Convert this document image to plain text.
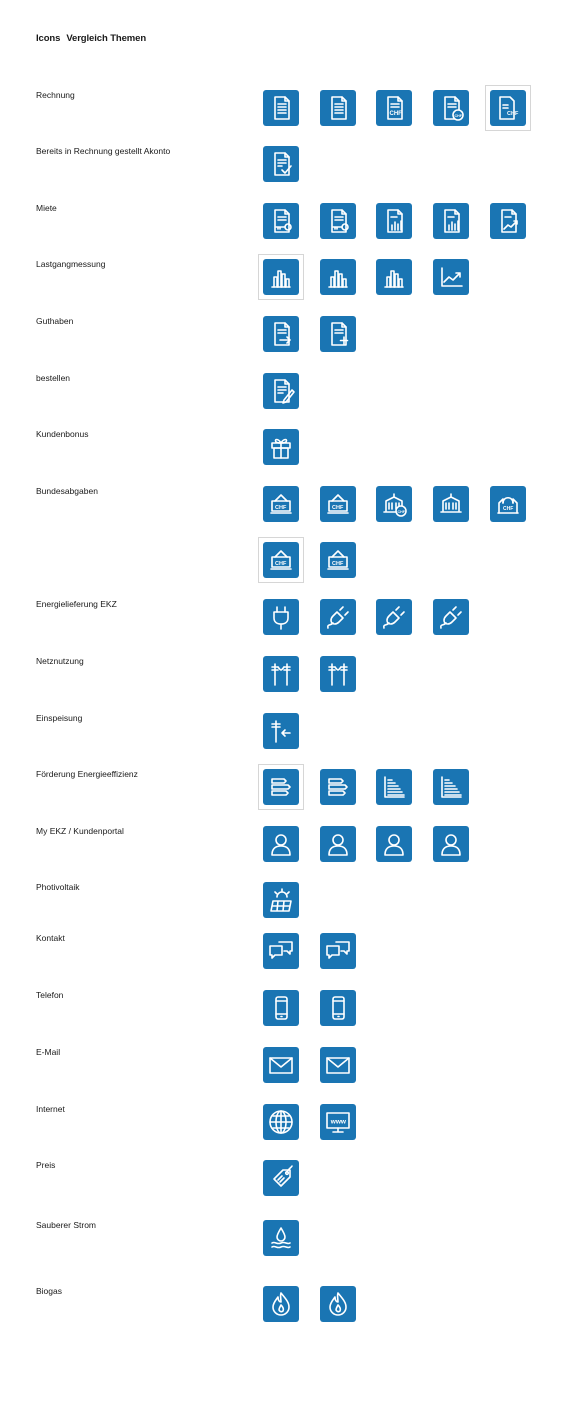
Icons Vergleich Themen
Rechnung
CHF	CHF	CHF
Bereits in Rechnung gestellt Akonto
Miete
Lastgangmessung
Guthaben
bestellen
Kundenbonus
Bundesabgaben
CHF	CHF
CHF	CHF
CHF	CHF
Energielieferung EKZ
Netznutzung
Einspeisung
Förderung Energieeffizienz
My EKZ / Kundenportal
Photivoltaik
Kontakt
Telefon
E-Mail
Internet
www
Preis
Sauberer Strom
Biogas
